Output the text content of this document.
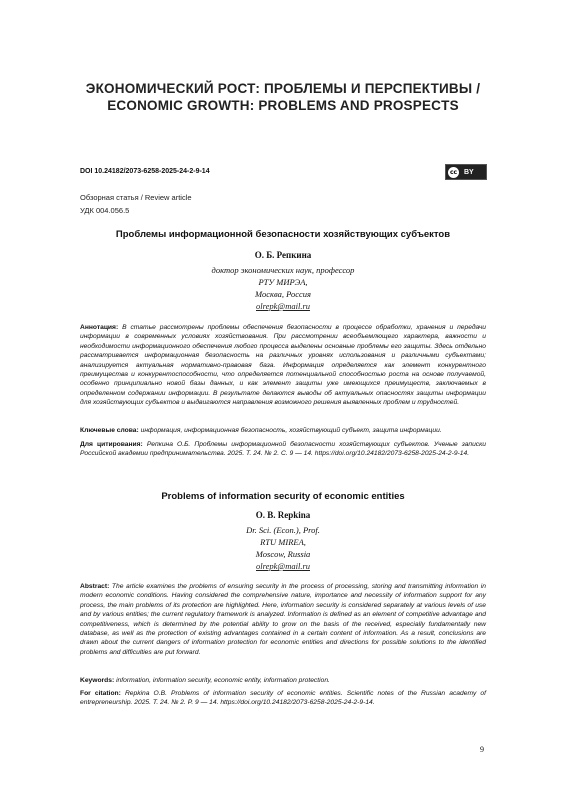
ЭКОНОМИЧЕСКИЙ РОСТ: ПРОБЛЕМЫ И ПЕРСПЕКТИВЫ /
ECONOMIC GROWTH: PROBLEMS AND PROSPECTS
DOI 10.24182/2073-6258-2025-24-2-9-14	cc BY
Обзорная статья / Review article
УДК 004.056.5
Проблемы информационной безопасности хозяйствующих субъектов
О. Б. Репкина
доктор экономических наук, профессор
РТУ МИРЭА,
Москва, Россия
olrepk@mail.ru
Аннотация: В статье рассмотрены проблемы обеспечения безопасности в процессе обработки, хранения и передачи информации в современных условиях хозяйствования. При рассмотрении всеобъемлющего характера, важности и необходимости информационного обеспечения любого процесса выделены основные проблемы его защиты. Здесь отдельно рассматривается информационная безопасность на различных уровнях использования и различными субъектами; анализируется актуальная нормативно-правовая база. Информация определяется как элемент конкурентного преимущества и конкурентоспособности, что определяется потенциальной способностью роста на основе получаемой, особенно принципиально новой базы данных, и как элемент защиты уже имеющихся преимуществ, заключаемых в определенном содержании информации. В результате делаются выводы об актуальных опасностях защиты информации для хозяйствующих субъектов и выдвигаются направления возможного решения выявленных проблем и трудностей.
Ключевые слова: информация, информационная безопасность, хозяйствующий субъект, защита информации.
Для цитирования: Репкина О.Б. Проблемы информационной безопасности хозяйствующих субъектов. Ученые записки Российской академии предпринимательства. 2025. Т. 24. № 2. С. 9 — 14. https://doi.org/10.24182/2073-6258-2025-24-2-9-14.
Problems of information security of economic entities
O. B. Repkina
Dr. Sci. (Econ.), Prof.
RTU MIREA,
Moscow, Russia
olrepk@mail.ru
Abstract: The article examines the problems of ensuring security in the process of processing, storing and transmitting information in modern economic conditions. Having considered the comprehensive nature, importance and necessity of information support for any process, the main problems of its protection are highlighted. Here, information security is considered separately at various levels of use and by various entities; the current regulatory framework is analyzed. Information is defined as an element of competitive advantage and competitiveness, which is determined by the potential ability to grow on the basis of the received, especially fundamentally new database, as well as the protection of existing advantages contained in a certain content of information. As a result, conclusions are drawn about the current dangers of information protection for economic entities and directions for possible solutions to the identified problems and difficulties are put forward.
Keywords: information, information security, economic entity, information protection.
For citation: Repkina O.B. Problems of information security of economic entities. Scientific notes of the Russian academy of entrepreneurship. 2025. T. 24. № 2. P. 9 — 14. https://doi.org/10.24182/2073-6258-2025-24-2-9-14.
9
